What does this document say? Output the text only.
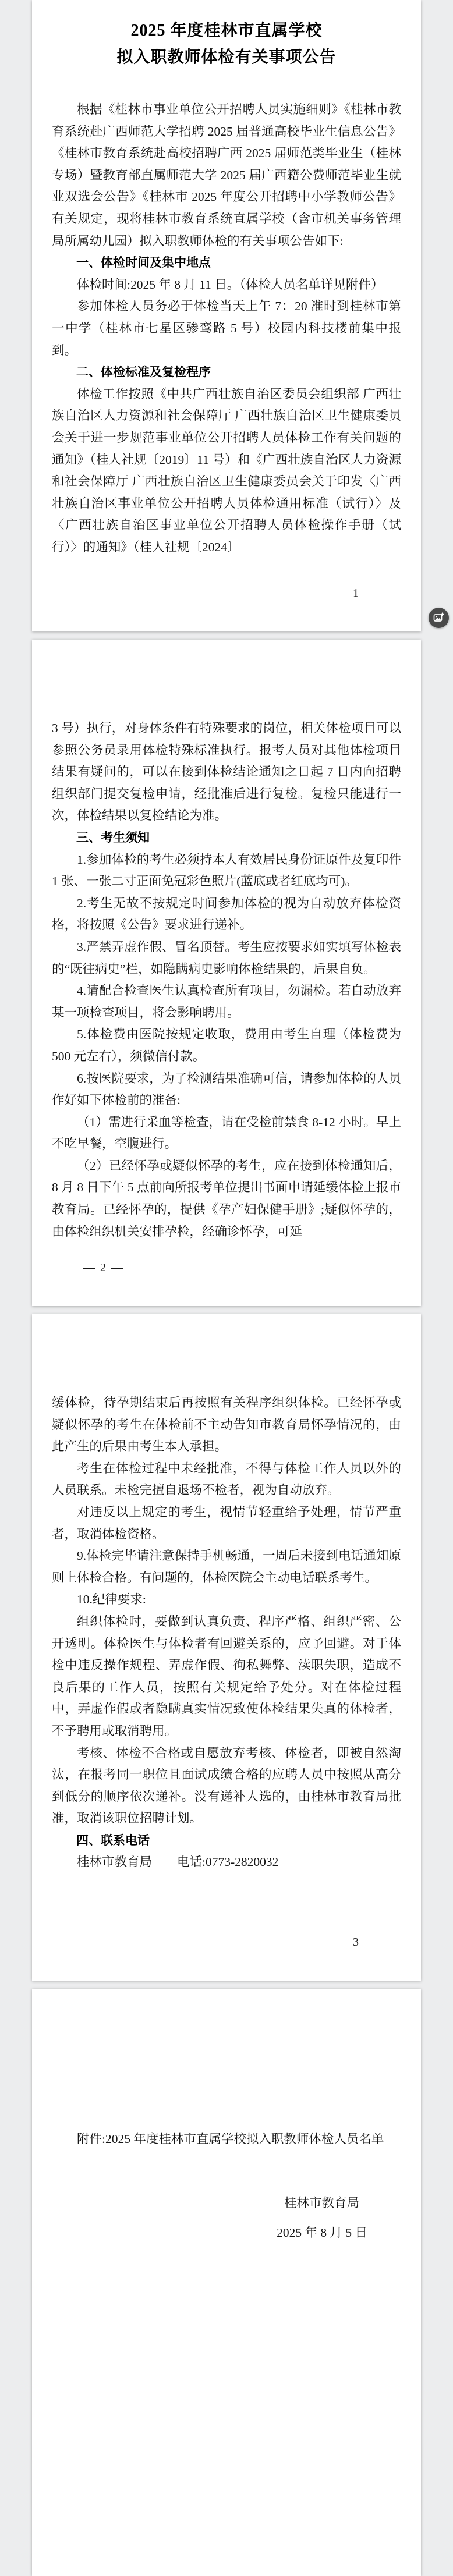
2025 年度桂林市直属学校
拟入职教师体检有关事项公告
根据《桂林市事业单位公开招聘人员实施细则》《桂林市教育系统赴广西师范大学招聘 2025 届普通高校毕业生信息公告》《桂林市教育系统赴高校招聘广西 2025 届师范类毕业生（桂林专场）暨教育部直属师范大学 2025 届广西籍公费师范毕业生就业双选会公告》《桂林市 2025 年度公开招聘中小学教师公告》有关规定，现将桂林市教育系统直属学校（含市机关事务管理局所属幼儿园）拟入职教师体检的有关事项公告如下:
一、体检时间及集中地点
体检时间:2025 年 8 月 11 日。（体检人员名单详见附件）
参加体检人员务必于体检当天上午 7：20 准时到桂林市第一中学（桂林市七星区骖鸾路 5 号）校园内科技楼前集中报到。
二、体检标准及复检程序
体检工作按照《中共广西壮族自治区委员会组织部 广西壮族自治区人力资源和社会保障厅 广西壮族自治区卫生健康委员会关于进一步规范事业单位公开招聘人员体检工作有关问题的通知》（桂人社规〔2019〕11 号）和《广西壮族自治区人力资源和社会保障厅 广西壮族自治区卫生健康委员会关于印发〈广西壮族自治区事业单位公开招聘人员体检通用标准（试行）〉及〈广西壮族自治区事业单位公开招聘人员体检操作手册（试行）〉的通知》（桂人社规〔2024〕
— 1 —
3 号）执行，对身体条件有特殊要求的岗位，相关体检项目可以参照公务员录用体检特殊标准执行。报考人员对其他体检项目结果有疑问的，可以在接到体检结论通知之日起 7 日内向招聘组织部门提交复检申请，经批准后进行复检。复检只能进行一次，体检结果以复检结论为准。
三、考生须知
1.参加体检的考生必须持本人有效居民身份证原件及复印件 1 张、一张二寸正面免冠彩色照片(蓝底或者红底均可)。
2.考生无故不按规定时间参加体检的视为自动放弃体检资格，将按照《公告》要求进行递补。
3.严禁弄虚作假、冒名顶替。考生应按要求如实填写体检表的“既往病史”栏，如隐瞒病史影响体检结果的，后果自负。
4.请配合检查医生认真检查所有项目，勿漏检。若自动放弃某一项检查项目，将会影响聘用。
5.体检费由医院按规定收取，费用由考生自理（体检费为 500 元左右），须微信付款。
6.按医院要求，为了检测结果准确可信，请参加体检的人员作好如下体检前的准备:
（1）需进行采血等检查，请在受检前禁食 8-12 小时。早上不吃早餐，空腹进行。
（2）已经怀孕或疑似怀孕的考生，应在接到体检通知后，8 月 8 日下午 5 点前向所报考单位提出书面申请延缓体检上报市教育局。已经怀孕的，提供《孕产妇保健手册》;疑似怀孕的，由体检组织机关安排孕检，经确诊怀孕，可延
— 2 —
缓体检，待孕期结束后再按照有关程序组织体检。已经怀孕或疑似怀孕的考生在体检前不主动告知市教育局怀孕情况的，由此产生的后果由考生本人承担。
考生在体检过程中未经批准，不得与体检工作人员以外的人员联系。未检完擅自退场不检者，视为自动放弃。
对违反以上规定的考生，视情节轻重给予处理，情节严重者，取消体检资格。
9.体检完毕请注意保持手机畅通，一周后未接到电话通知原则上体检合格。有问题的，体检医院会主动电话联系考生。
10.纪律要求:
组织体检时，要做到认真负责、程序严格、组织严密、公开透明。体检医生与体检者有回避关系的，应予回避。对于体检中违反操作规程、弄虚作假、徇私舞弊、渎职失职，造成不良后果的工作人员，按照有关规定给予处分。对在体检过程中，弄虚作假或者隐瞒真实情况致使体检结果失真的体检者，不予聘用或取消聘用。
考核、体检不合格或自愿放弃考核、体检者，即被自然淘汰，在报考同一职位且面试成绩合格的应聘人员中按照从高分到低分的顺序依次递补。没有递补人选的，由桂林市教育局批准，取消该职位招聘计划。
四、联系电话
桂林市教育局　　电话:0773-2820032
— 3 —
附件:2025 年度桂林市直属学校拟入职教师体检人员名单
桂林市教育局
2025 年 8 月 5 日
